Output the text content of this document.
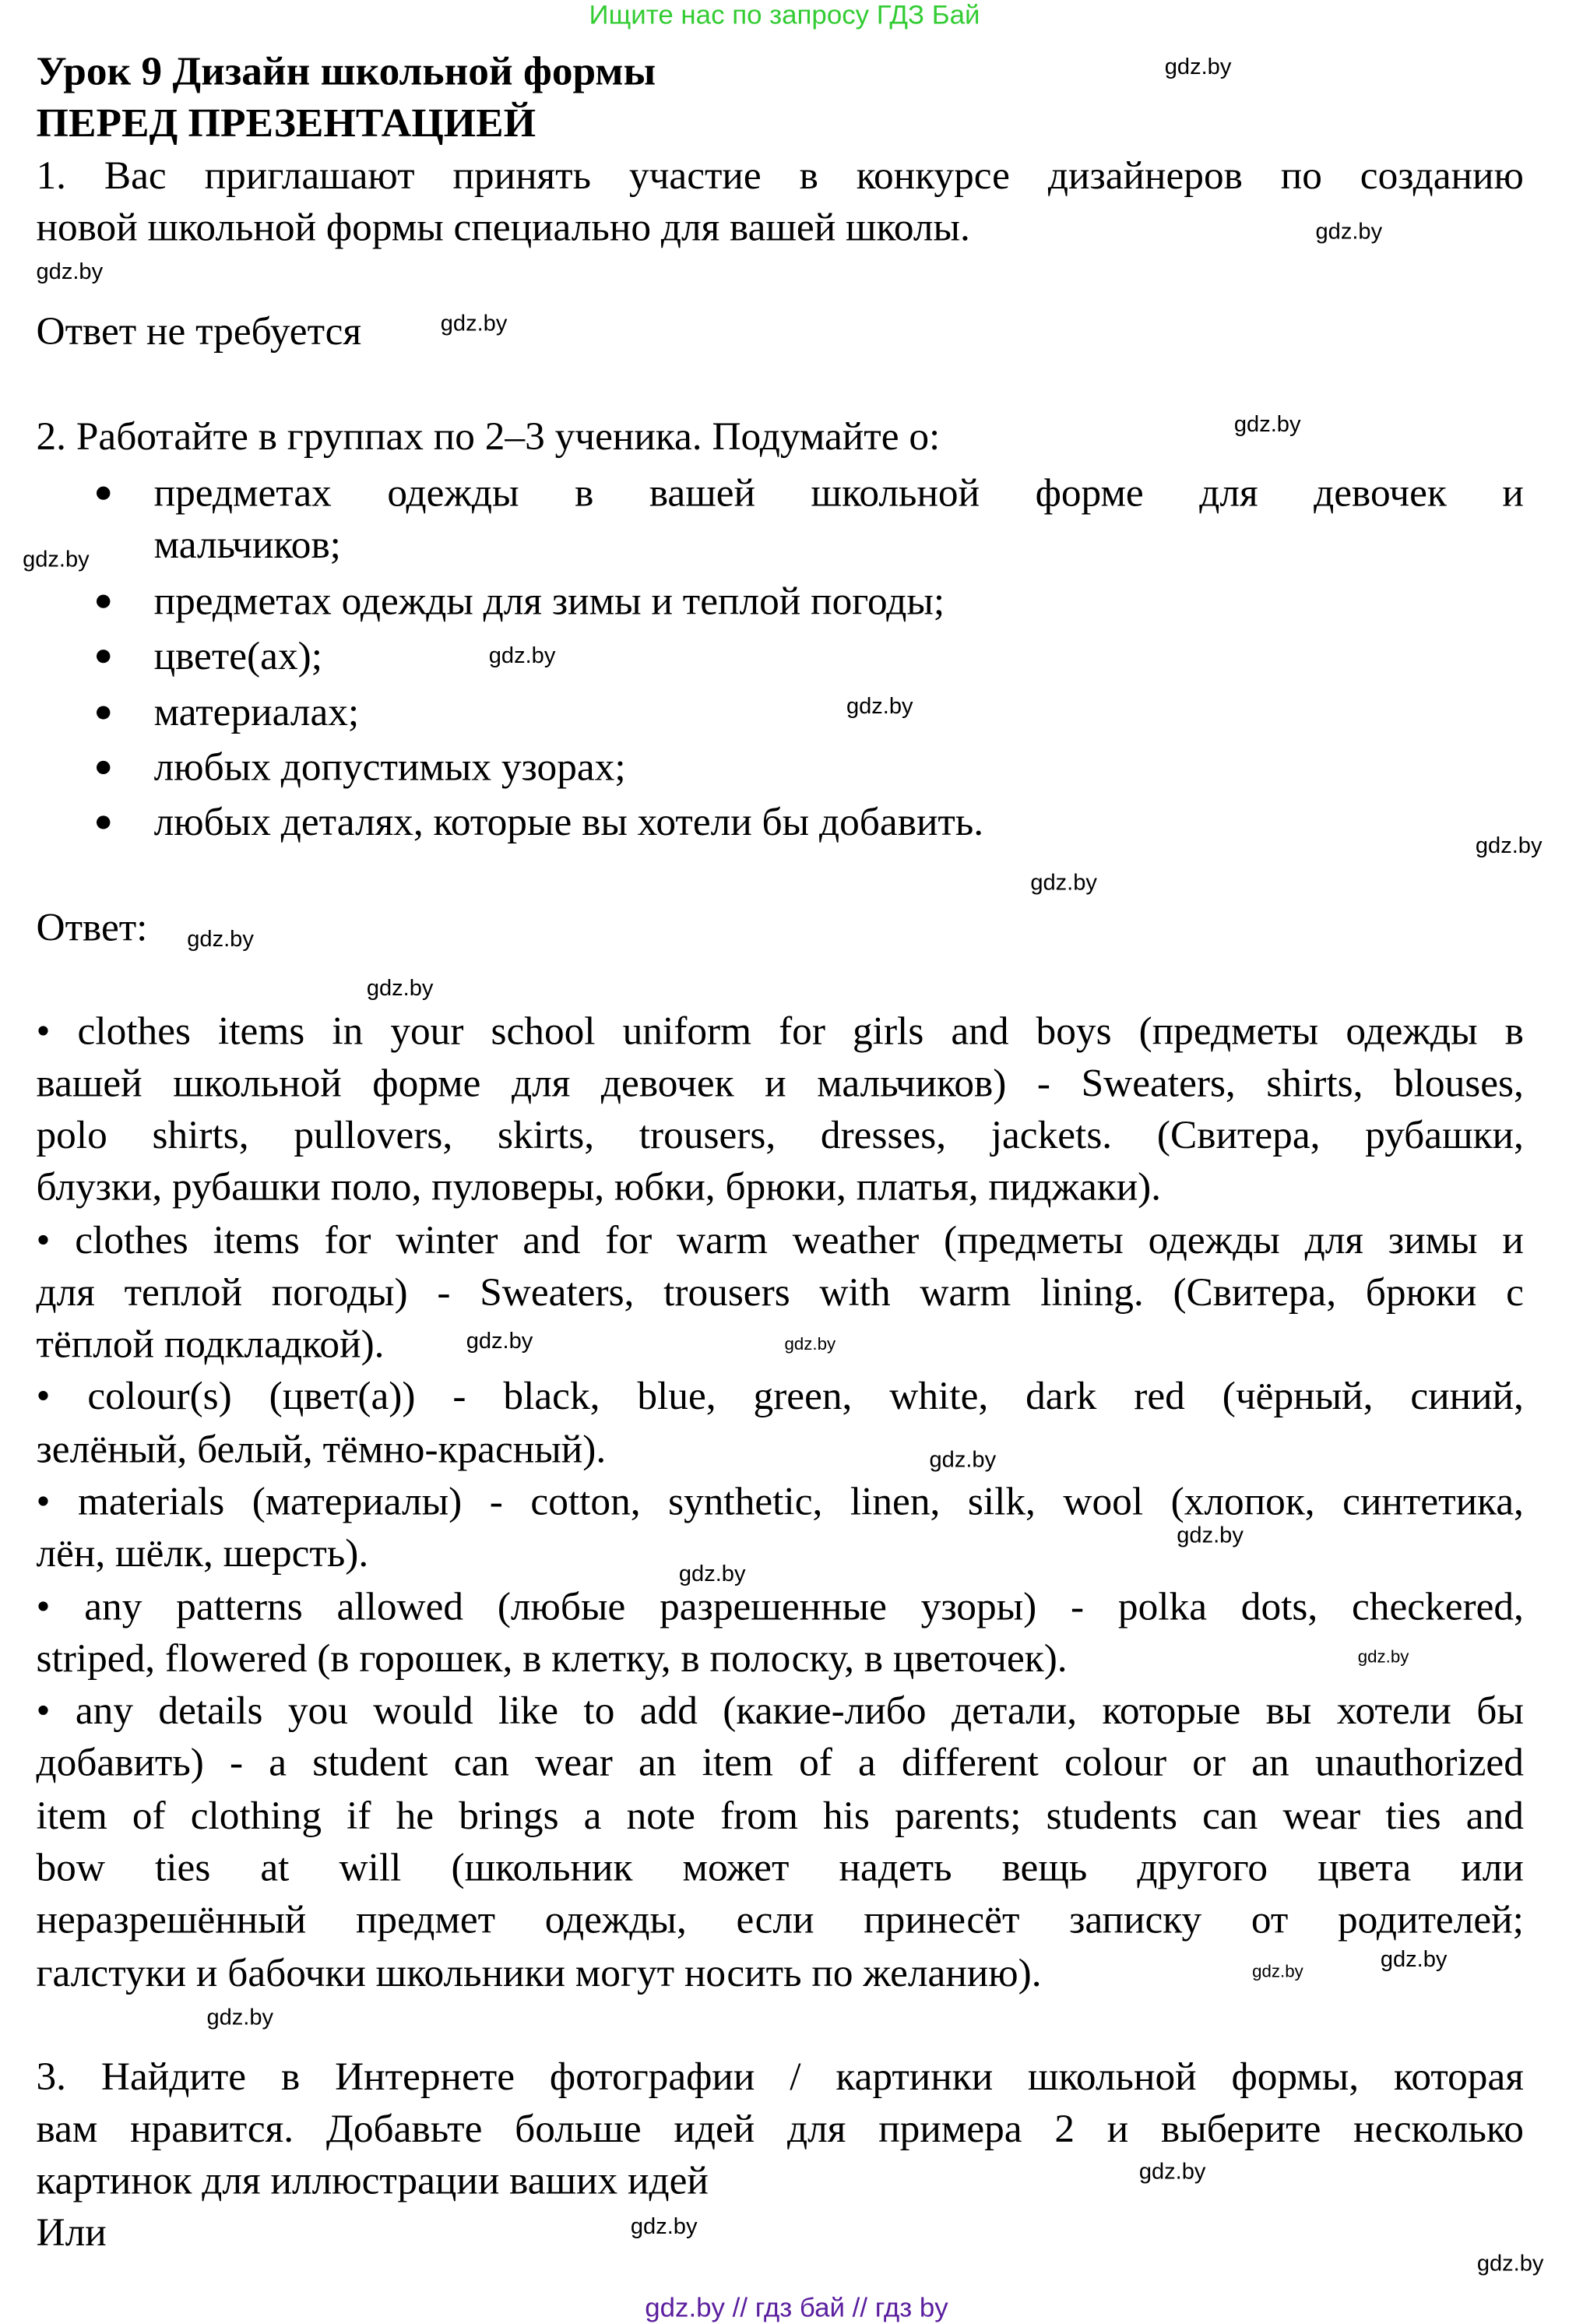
Ищите нас по запросу ГДЗ Бай
Урок 9 Дизайн школьной формы
ПЕРЕД ПРЕЗЕНТАЦИЕЙ
1. Вас приглашают принять участие в конкурсе дизайнеров по созданию
новой школьной формы специально для вашей школы.
Ответ не требуется
2. Работайте в группах по 2–3 ученика. Подумайте о:
предметах одежды в вашей школьной форме для девочек и
мальчиков;
предметах одежды для зимы и теплой погоды;
цвете(ах);
материалах;
любых допустимых узорах;
любых деталях, которые вы хотели бы добавить.
Ответ:
• clothes items in your school uniform for girls and boys (предметы одежды в
вашей школьной форме для девочек и мальчиков) - Sweaters, shirts, blouses,
polo shirts, pullovers, skirts, trousers, dresses, jackets. (Свитера, рубашки,
блузки, рубашки поло, пуловеры, юбки, брюки, платья, пиджаки).
• clothes items for winter and for warm weather (предметы одежды для зимы и
для теплой погоды) - Sweaters, trousers with warm lining. (Свитера, брюки с
тёплой подкладкой).
• colour(s) (цвет(а)) - black, blue, green, white, dark red (чёрный, синий,
зелёный, белый, тёмно-красный).
• materials (материалы) - cotton, synthetic, linen, silk, wool (хлопок, синтетика,
лён, шёлк, шерсть).
• any patterns allowed (любые разрешенные узоры) - polka dots, checkered,
striped, flowered (в горошек, в клетку, в полоску, в цветочек).
• any details you would like to add (какие-либо детали, которые вы хотели бы
добавить) - a student can wear an item of a different colour or an unauthorized
item of clothing if he brings a note from his parents; students can wear ties and
bow ties at will (школьник может надеть вещь другого цвета или
неразрешённый предмет одежды, если принесёт записку от родителей;
галстуки и бабочки школьники могут носить по желанию).
3. Найдите в Интернете фотографии / картинки школьной формы, которая
вам нравится. Добавьте больше идей для примера 2 и выберите несколько
картинок для иллюстрации ваших идей
Или
gdz.by
gdz.by
gdz.by
gdz.by
gdz.by
gdz.by
gdz.by
gdz.by
gdz.by
gdz.by
gdz.by
gdz.by
gdz.by
gdz.by
gdz.by
gdz.by
gdz.by
gdz.by
gdz.by	gdz.by
gdz.by
gdz.by
gdz.by
gdz.by
gdz.by // гдз бай // гдз by
